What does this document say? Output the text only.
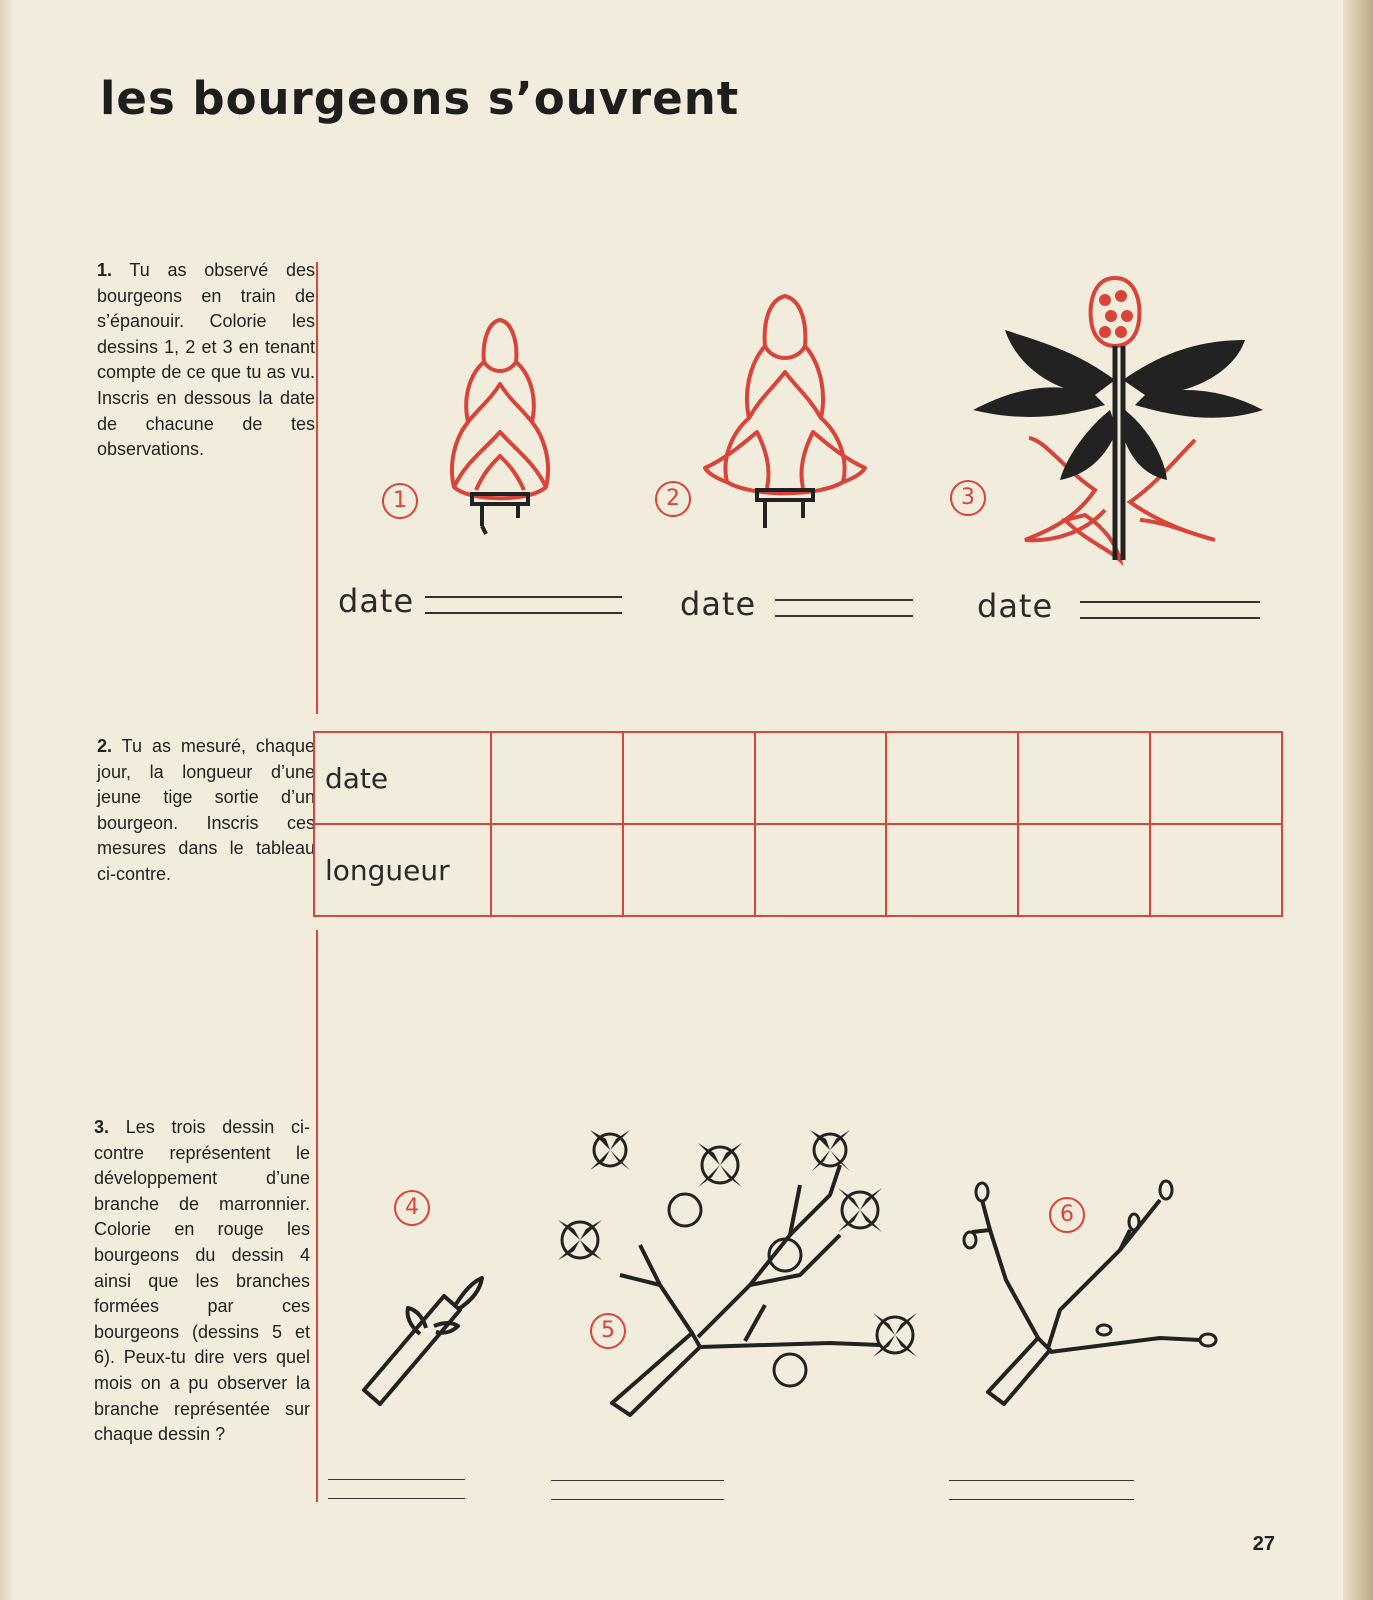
les bourgeons s’ouvrent
1. Tu as observé des bourgeons en train de s’épanouir. Colorie les dessins 1, 2 et 3 en tenant compte de ce que tu as vu. Inscris en dessous la date de chacune de tes observations.
1	2	3
date	date	date
2. Tu as mesuré, chaque jour, la longueur d’une jeune tige sortie d’un bourgeon. Inscris ces mesures dans le tableau ci-contre.
date						
longueur						
3. Les trois dessin ci-contre représentent le développement d’une branche de marronnier. Colorie en rouge les bourgeons du dessin 4 ainsi que les branches formées par ces bourgeons (dessins 5 et 6). Peux-tu dire vers quel mois on a pu observer la branche représentée sur chaque dessin ?
4
5
6
27
